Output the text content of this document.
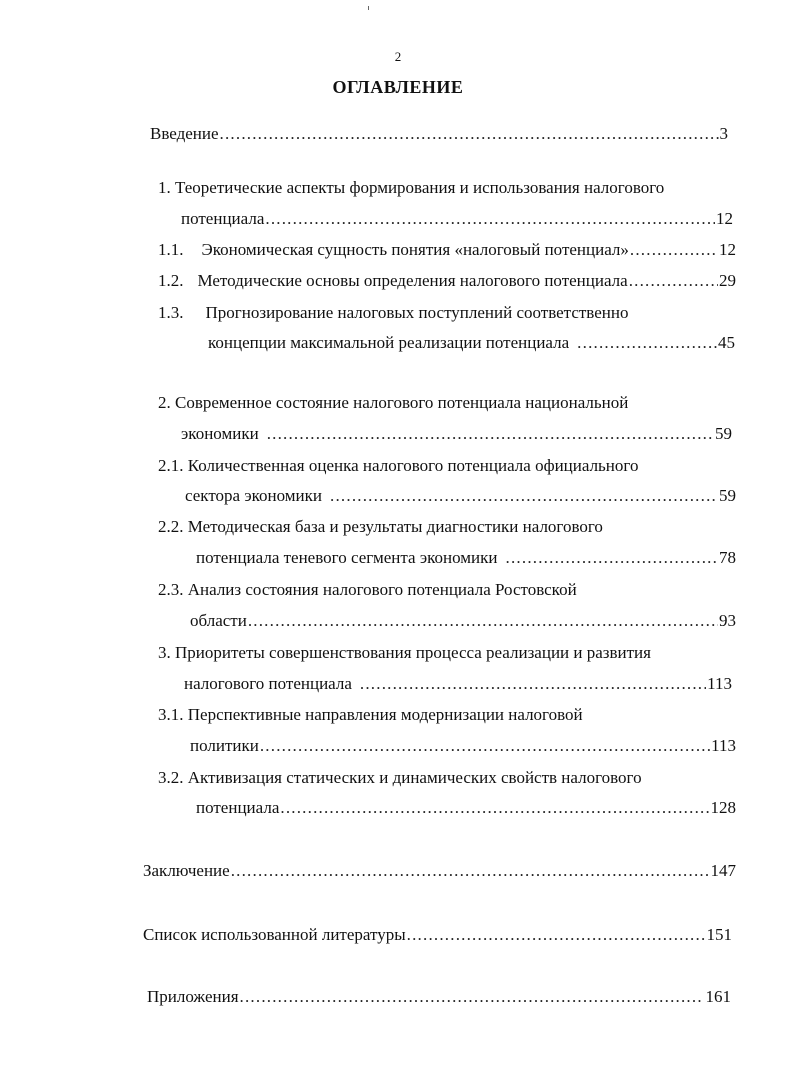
2
ОГЛАВЛЕНИЕ
Введение .....	3
1. Теоретические аспекты формирования и использования налогового
потенциала .....	12
1.1. Экономическая сущность понятия «налоговый потенциал» .....	12
1.2. Методические основы определения налогового потенциала .....	29
1.3. Прогнозирование налоговых поступлений соответственно
концепции максимальной реализации потенциала .....	45
2. Современное состояние налогового потенциала национальной
экономики .....	59
2.1. Количественная оценка налогового потенциала официального
сектора экономики .....	59
2.2. Методическая база и результаты диагностики налогового
потенциала теневого сегмента экономики .....	78
2.3. Анализ состояния налогового потенциала Ростовской
области .....	93
3. Приоритеты совершенствования процесса реализации и развития
налогового потенциала .....	113
3.1. Перспективные направления модернизации налоговой
политики .....	113
3.2. Активизация статических и динамических свойств налогового
потенциала .....	128
Заключение .....	147
Список использованной литературы .....	151
Приложения .....	161
